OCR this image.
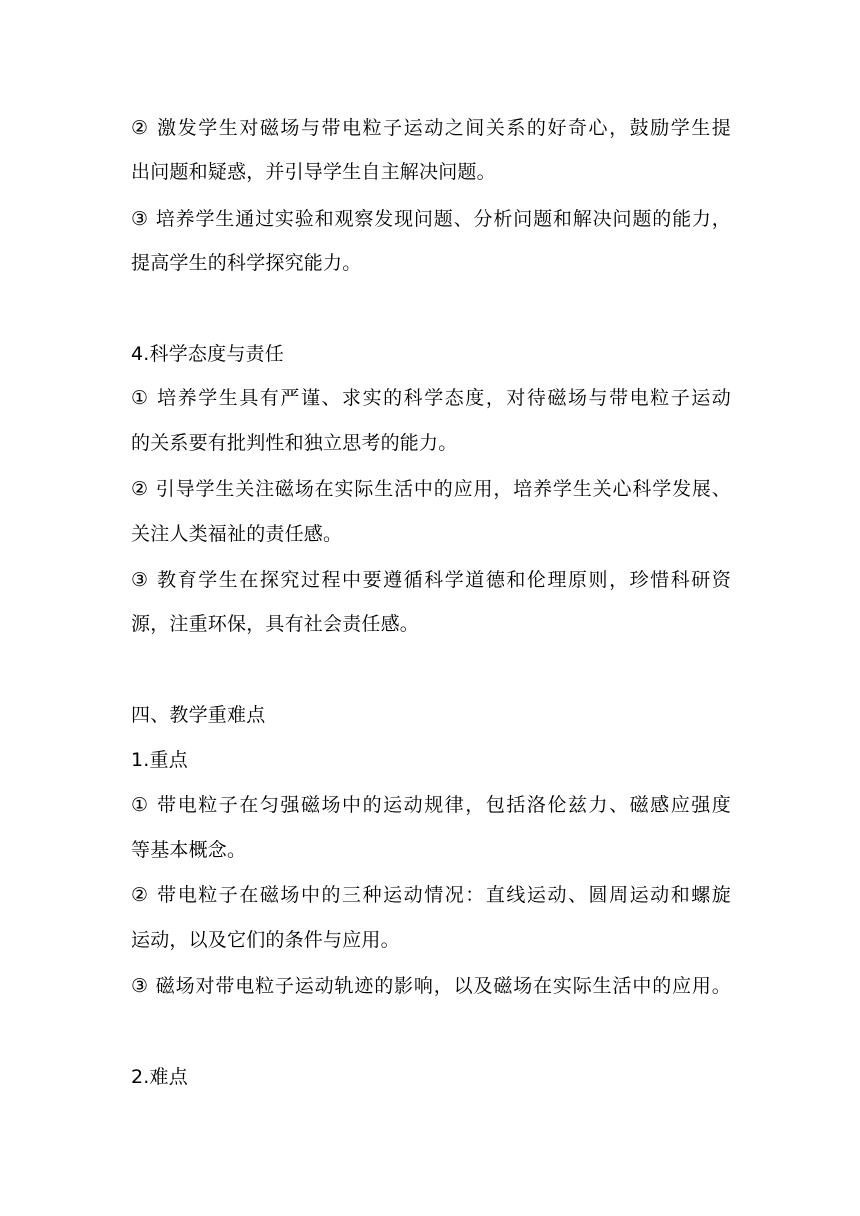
② 激发学生对磁场与带电粒子运动之间关系的好奇心，鼓励学生提
出问题和疑惑，并引导学生自主解决问题。
③ 培养学生通过实验和观察发现问题、分析问题和解决问题的能力，
提高学生的科学探究能力。
4.科学态度与责任
① 培养学生具有严谨、求实的科学态度，对待磁场与带电粒子运动
的关系要有批判性和独立思考的能力。
② 引导学生关注磁场在实际生活中的应用，培养学生关心科学发展、
关注人类福祉的责任感。
③ 教育学生在探究过程中要遵循科学道德和伦理原则，珍惜科研资
源，注重环保，具有社会责任感。
四、教学重难点
1.重点
① 带电粒子在匀强磁场中的运动规律，包括洛伦兹力、磁感应强度
等基本概念。
② 带电粒子在磁场中的三种运动情况：直线运动、圆周运动和螺旋
运动，以及它们的条件与应用。
③ 磁场对带电粒子运动轨迹的影响，以及磁场在实际生活中的应用。
2.难点
